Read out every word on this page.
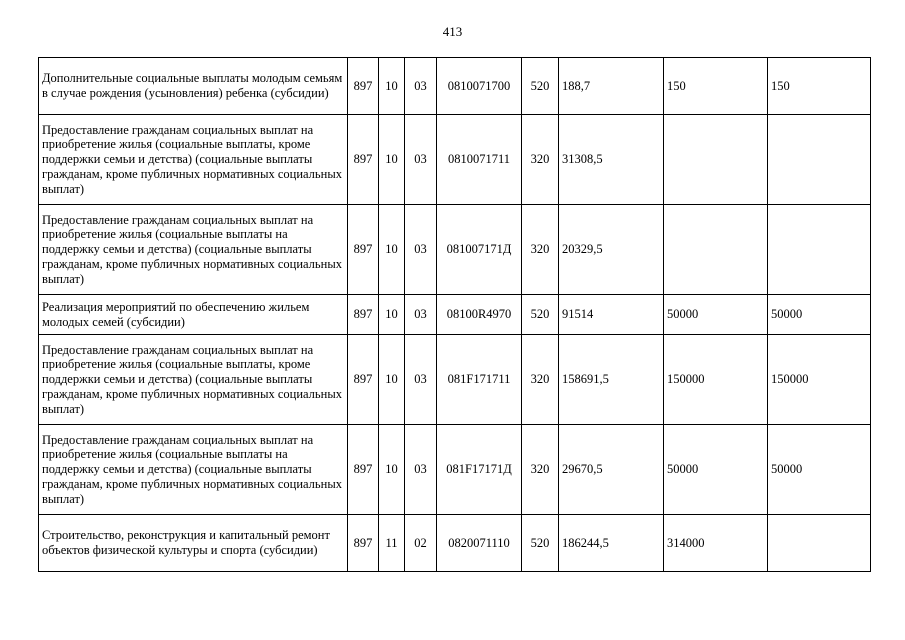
413
Дополнительные социальные выплаты молодым семьям в случае рождения (усыновления) ребенка (субсидии)	897	10	03	0810071700	520	188,7	150	150
Предоставление гражданам социальных выплат на приобретение жилья (социальные выплаты, кроме поддержки семьи и детства) (социальные выплаты гражданам, кроме публичных нормативных социальных выплат)	897	10	03	0810071711	320	31308,5		
Предоставление гражданам социальных выплат на приобретение жилья (социальные выплаты на поддержку семьи и детства) (социальные выплаты гражданам, кроме публичных нормативных социальных выплат)	897	10	03	081007171Д	320	20329,5		
Реализация мероприятий по обеспечению жильем молодых семей (субсидии)	897	10	03	08100R4970	520	91514	50000	50000
Предоставление гражданам социальных выплат на приобретение жилья (социальные выплаты, кроме поддержки семьи и детства) (социальные выплаты гражданам, кроме публичных нормативных социальных выплат)	897	10	03	081F171711	320	158691,5	150000	150000
Предоставление гражданам социальных выплат на приобретение жилья (социальные выплаты на поддержку семьи и детства) (социальные выплаты гражданам, кроме публичных нормативных социальных выплат)	897	10	03	081F17171Д	320	29670,5	50000	50000
Строительство, реконструкция и капитальный ремонт объектов физической культуры и спорта (субсидии)	897	11	02	0820071110	520	186244,5	314000	
